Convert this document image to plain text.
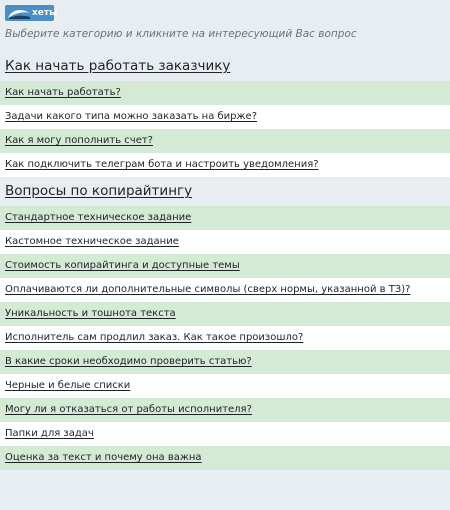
хеты
Выберите категорию и кликните на интересующий Вас вопрос
Как начать работать заказчику
Как начать работать?
Задачи какого типа можно заказать на бирже?
Как я могу пополнить счет?
Как подключить телеграм бота и настроить уведомления?
Вопросы по копирайтингу
Стандартное техническое задание
Кастомное техническое задание
Стоимость копирайтинга и доступные темы
Оплачиваются ли дополнительные символы (сверх нормы, указанной в ТЗ)?
Уникальность и тошнота текста
Исполнитель сам продлил заказ. Как такое произошло?
В какие сроки необходимо проверить статью?
Черные и белые списки
Могу ли я отказаться от работы исполнителя?
Папки для задач
Оценка за текст и почему она важна
